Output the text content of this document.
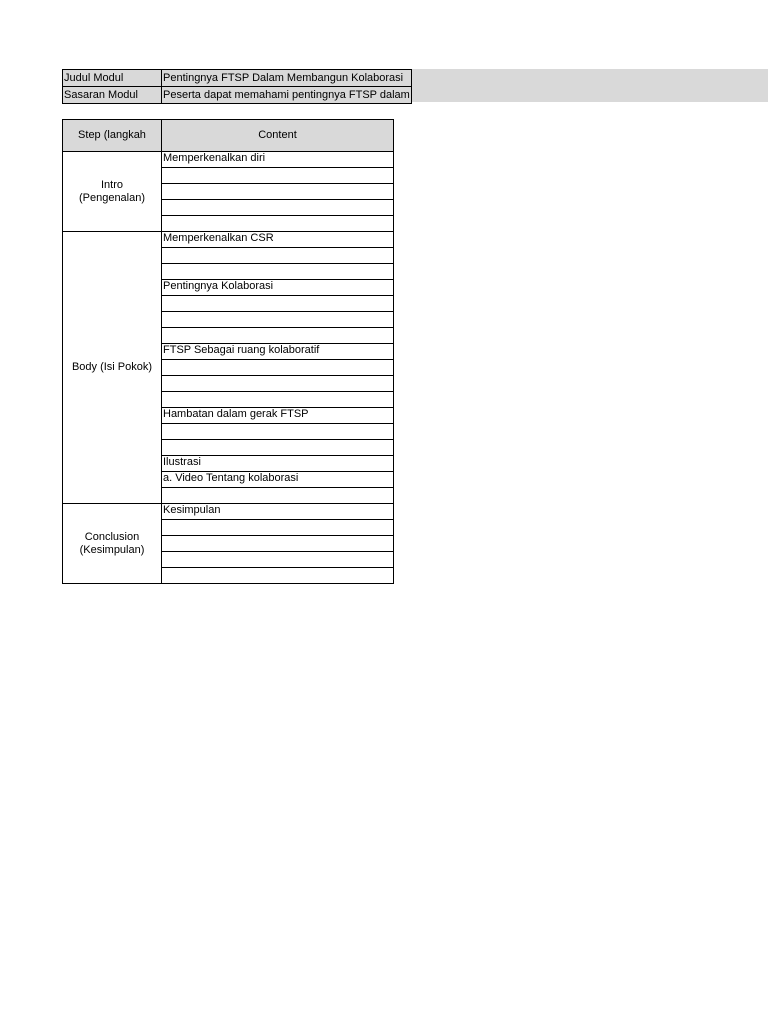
Judul Modul	Pentingnya FTSP Dalam Membangun Kolaborasi
Sasaran Modul	Peserta dapat memahami pentingnya FTSP dalam
Step (langkah	Content
Intro
(Pengenalan)	Memperkenalkan diri

Body (Isi Pokok)	Memperkenalkan CSR

	Pentingnya Kolaborasi

	FTSP Sebagai ruang kolaboratif

	Hambatan dalam gerak FTSP

	Ilustrasi
	a. Video Tentang kolaborasi

Conclusion
(Kesimpulan)	Kesimpulan
